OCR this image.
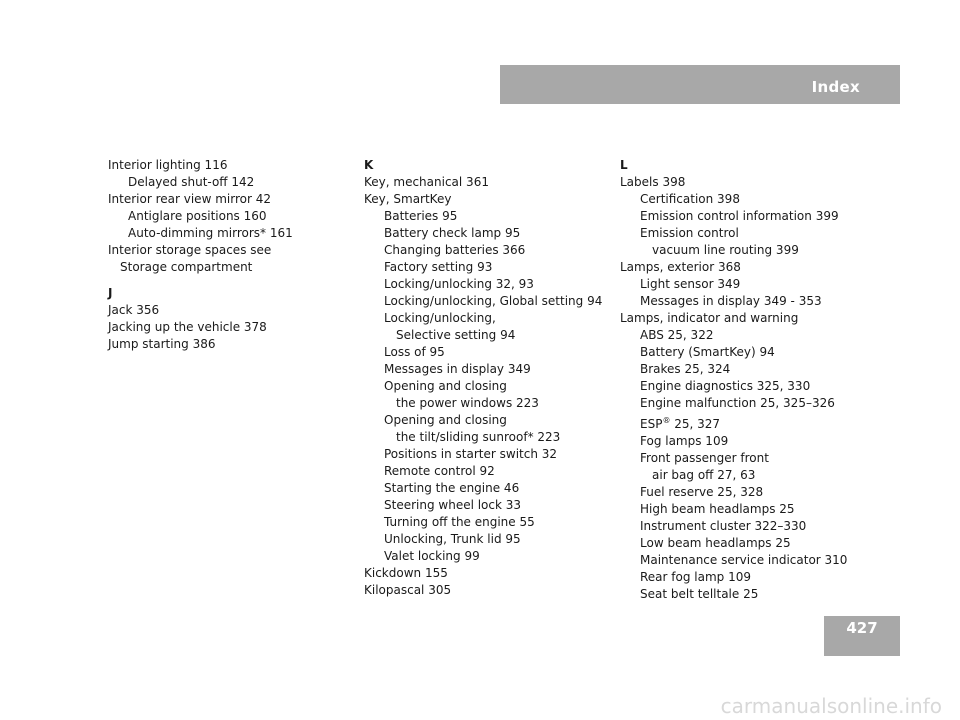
Index
Interior lighting 116
Delayed shut-off 142
Interior rear view mirror 42
Antiglare positions 160
Auto-dimming mirrors* 161
Interior storage spaces see
Storage compartment
J
Jack 356
Jacking up the vehicle 378
Jump starting 386
K
Key, mechanical 361
Key, SmartKey
Batteries 95
Battery check lamp 95
Changing batteries 366
Factory setting 93
Locking/unlocking 32, 93
Locking/unlocking, Global setting 94
Locking/unlocking,
Selective setting 94
Loss of 95
Messages in display 349
Opening and closing
the power windows 223
Opening and closing
the tilt/sliding sunroof* 223
Positions in starter switch 32
Remote control 92
Starting the engine 46
Steering wheel lock 33
Turning off the engine 55
Unlocking, Trunk lid 95
Valet locking 99
Kickdown 155
Kilopascal 305
L
Labels 398
Certification 398
Emission control information 399
Emission control
vacuum line routing 399
Lamps, exterior 368
Light sensor 349
Messages in display 349 - 353
Lamps, indicator and warning
ABS 25, 322
Battery (SmartKey) 94
Brakes 25, 324
Engine diagnostics 325, 330
Engine malfunction 25, 325–326
ESP® 25, 327
Fog lamps 109
Front passenger front
air bag off 27, 63
Fuel reserve 25, 328
High beam headlamps 25
Instrument cluster 322–330
Low beam headlamps 25
Maintenance service indicator 310
Rear fog lamp 109
Seat belt telltale 25
427
carmanualsonline.info
